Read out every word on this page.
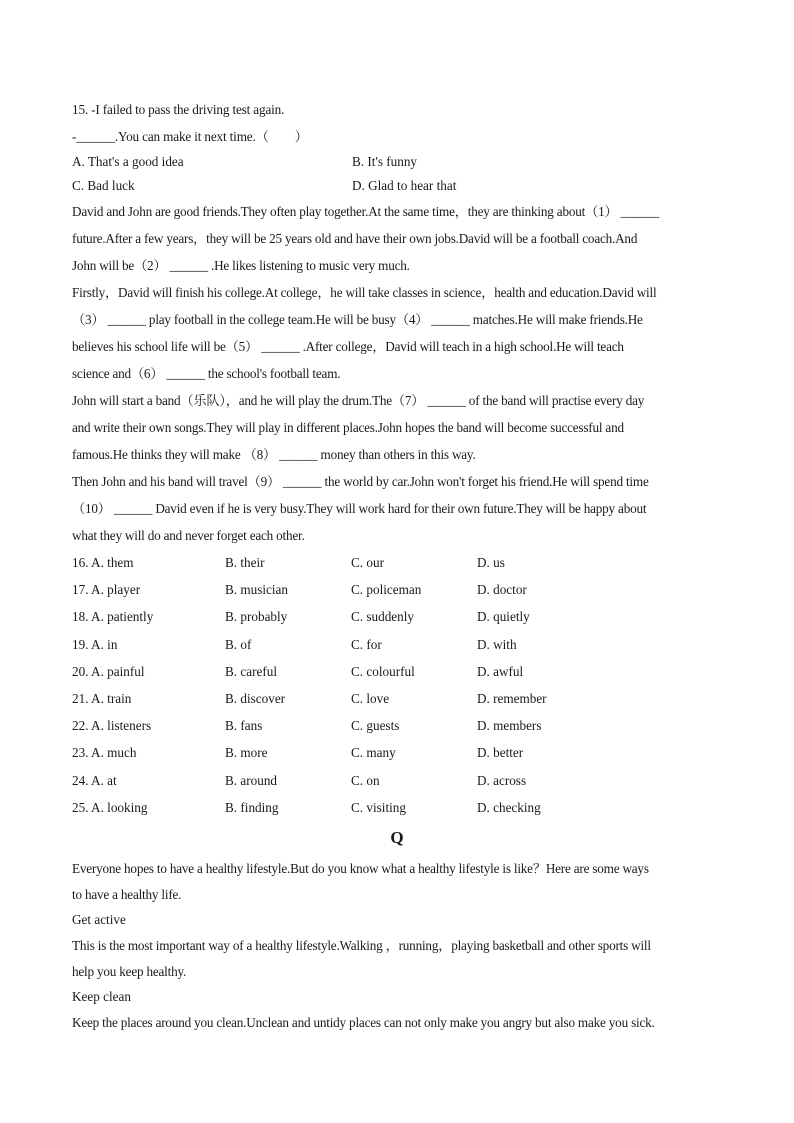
15. -I failed to pass the driving test again.
-______.You can make it next time.（　　）
A. That's a good idea	B. It's funny
C. Bad luck	D. Glad to hear that
David and John are good friends.They often play together.At the same time，they are thinking about（1） ______
future.After a few years，they will be 25 years old and have their own jobs.David will be a football coach.And
John will be（2） ______ .He likes listening to music very much.
Firstly，David will finish his college.At college，he will take classes in science，health and education.David will
（3） ______ play football in the college team.He will be busy（4） ______ matches.He will make friends.He
believes his school life will be（5） ______ .After college，David will teach in a high school.He will teach
science and（6） ______ the school's football team.
John will start a band（乐队），and he will play the drum.The（7） ______ of the band will practise every day
and write their own songs.They will play in different places.John hopes the band will become successful and
famous.He thinks they will make （8） ______ money than others in this way.
Then John and his band will travel（9） ______ the world by car.John won't forget his friend.He will spend time
（10） ______ David even if he is very busy.They will work hard for their own future.They will be happy about
what they will do and never forget each other.
16. A. them	B. their	C. our	D. us
17. A. player	B. musician	C. policeman	D. doctor
18. A. patiently	B. probably	C. suddenly	D. quietly
19. A. in	B. of	C. for	D. with
20. A. painful	B. careful	C. colourful	D. awful
21. A. train	B. discover	C. love	D. remember
22. A. listeners	B. fans	C. guests	D. members
23. A. much	B. more	C. many	D. better
24. A. at	B. around	C. on	D. across
25. A. looking	B. finding	C. visiting	D. checking
Q
Everyone hopes to have a healthy lifestyle.But do you know what a healthy lifestyle is like？Here are some ways
to have a healthy life.
Get active
This is the most important way of a healthy lifestyle.Walking ，running，playing basketball and other sports will
help you keep healthy.
Keep clean
Keep the places around you clean.Unclean and untidy places can not only make you angry but also make you sick.
